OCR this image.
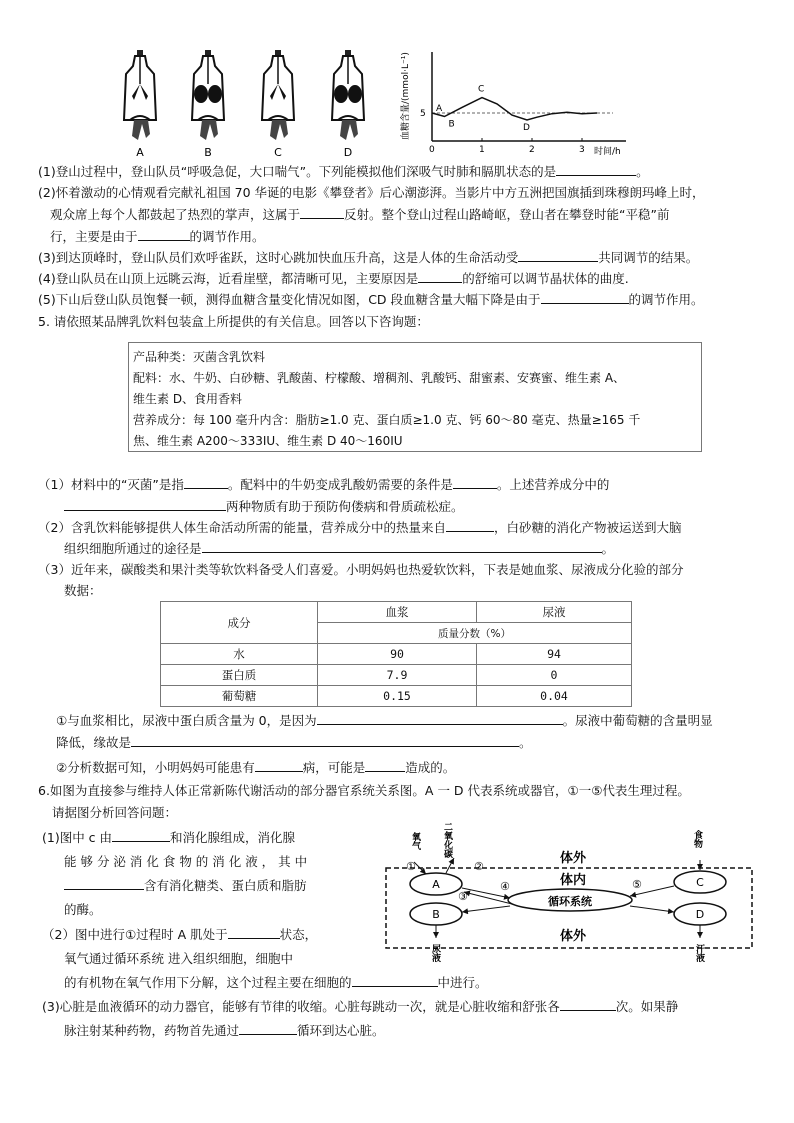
A	B	C	D
血糖含量/(mmol·L⁻¹)
时间/h
5
0	1	2	3
A
B
C
D
(1)登山过程中，登山队员“呼吸急促，大口喘气”。下列能模拟他们深吸气时肺和膈肌状态的是	。
(2)怀着激动的心情观看完献礼祖国 70 华诞的电影《攀登者》后心潮澎湃。当影片中方五洲把国旗插到珠穆朗玛峰上时，
观众席上每个人都鼓起了热烈的掌声，这属于	反射。整个登山过程山路崎岖，登山者在攀登时能“平稳”前
行，主要是由于	的调节作用。
(3)到达顶峰时，登山队员们欢呼雀跃，这时心跳加快血压升高，这是人体的生命活动受	共同调节的结果。
(4)登山队员在山顶上远眺云海，近看崖壁，都清晰可见，主要原因是	的舒缩可以调节晶状体的曲度.
(5)下山后登山队员饱餐一顿，测得血糖含量变化情况如图，CD 段血糖含量大幅下降是由于	的调节作用。
5. 请依照某品牌乳饮料包装盒上所提供的有关信息。回答以下咨询题：
产品种类：灭菌含乳饮料
配料：水、牛奶、白砂糖、乳酸菌、柠檬酸、增稠剂、乳酸钙、甜蜜素、安赛蜜、维生素 A、
维生素 D、食用香料
营养成分：每 100 毫升内含：脂肪≥1.0 克、蛋白质≥1.0 克、钙 60～80 毫克、热量≥165 千
焦、维生素 A200～333IU、维生素 D 40～160IU
（1）材料中的“灭菌”是指	。配料中的牛奶变成乳酸奶需要的条件是	。上述营养成分中的
两种物质有助于预防佝偻病和骨质疏松症。
（2）含乳饮料能够提供人体生命活动所需的能量，营养成分中的热量来自	，白砂糖的消化产物被运送到大脑
组织细胞所通过的途径是	。
（3）近年来，碳酸类和果汁类等软饮料备受人们喜爱。小明妈妈也热爱软饮料，下表是她血浆、尿液成分化验的部分
数据：
成分	血浆	尿液
	质量分数（%）	
水	90	94
蛋白质	7.9	0
葡萄糖	0.15	0.04
①与血浆相比，尿液中蛋白质含量为 0，是因为	。尿液中葡萄糖的含量明显
降低，缘故是	。
②分析数据可知，小明妈妈可能患有	病，可能是	造成的。
6.如图为直接参与维持人体正常新陈代谢活动的部分器官系统关系图。A 一 D 代表系统或器官，①一⑤代表生理过程。
请据图分析回答问题：
(1)图中 c 由	和消化腺组成，消化腺
能 够 分 泌 消 化 食 物 的 消 化 液 ， 其 中
含有消化糖类、蛋白质和脂肪
的酶。
（2）图中进行①过程时 A 肌处于	状态，
氧气通过循环系统 进入组织细胞，细胞中
的有机物在氧气作用下分解，这个过程主要在细胞的	中进行。
(3)心脏是血液循环的动力器官，能够有节律的收缩。心脏每跳动一次，就是心脏收缩和舒张各	次。如果静
脉注射某种药物，药物首先通过	循环到达心脏。
二
氧
化
碳
氧
气
食
物
尿
液
汗
液
体外
体内
体外
A
B
C
D
循环系统
①	②
③
④	⑤
